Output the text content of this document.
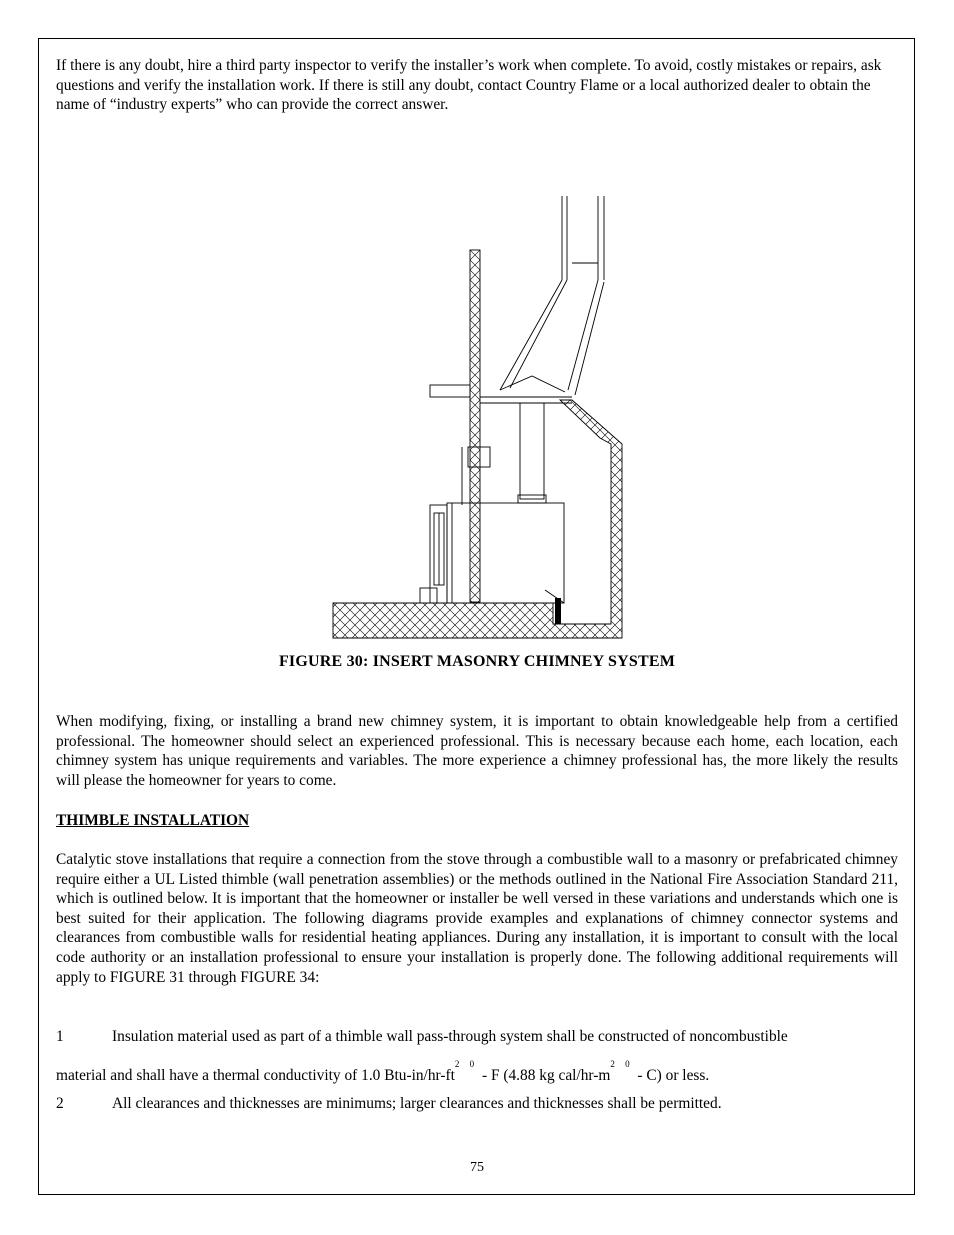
If there is any doubt, hire a third party inspector to verify the installer’s work when complete. To avoid, costly mistakes or repairs, ask questions and verify the installation work. If there is still any doubt, contact Country Flame or a local authorized dealer to obtain the name of “industry experts” who can provide the correct answer.
FIGURE 30: INSERT MASONRY CHIMNEY SYSTEM
When modifying, fixing, or installing a brand new chimney system, it is important to obtain knowledgeable help from a certified professional. The homeowner should select an experienced professional. This is necessary because each home, each location, each chimney system has unique requirements and variables. The more experience a chimney professional has, the more likely the results will please the homeowner for years to come.
THIMBLE INSTALLATION
Catalytic stove installations that require a connection from the stove through a combustible wall to a masonry or prefabricated chimney require either a UL Listed thimble (wall penetration assemblies) or the methods outlined in the National Fire Association Standard 211, which is outlined below. It is important that the homeowner or installer be well versed in these variations and understands which one is best suited for their application. The following diagrams provide examples and explanations of chimney connector systems and clearances from combustible walls for residential heating appliances. During any installation, it is important to consult with the local code authority or an installation professional to ensure your installation is properly done. The following additional requirements will apply to FIGURE 31 through FIGURE 34:
1	Insulation material used as part of a thimble wall pass-through system shall be constructed of noncombustible
material and shall have a thermal conductivity of 1.0 Btu-$in/hr-ft^{2 0}$ - F (4.88 kg cal/$hr-m^{2 0} - C$) or less.
2	All clearances and thicknesses are minimums; larger clearances and thicknesses shall be permitted.
75
